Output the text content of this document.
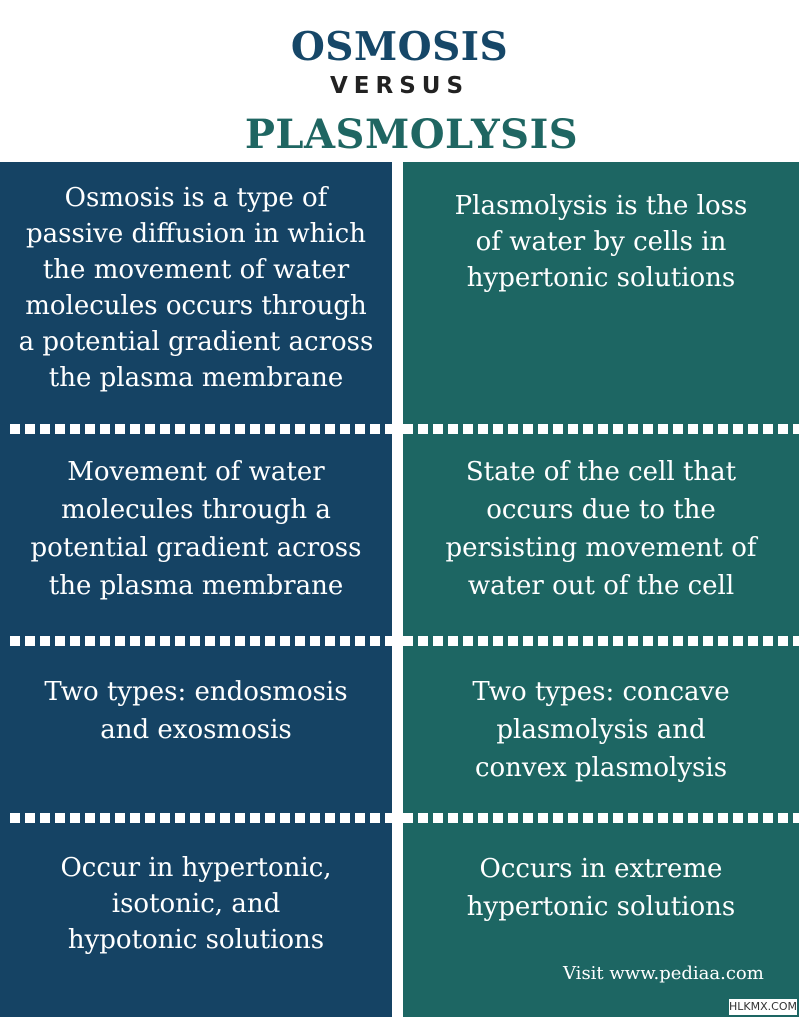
OSMOSIS
VERSUS
PLASMOLYSIS
Osmosis is a type of
passive diffusion in which
the movement of water
molecules occurs through
a potential gradient across
the plasma membrane
Plasmolysis is the loss
of water by cells in
hypertonic solutions
Movement of water
molecules through a
potential gradient across
the plasma membrane
State of the cell that
occurs due to the
persisting movement of
water out of the cell
Two types: endosmosis
and exosmosis
Two types: concave
plasmolysis and
convex plasmolysis
Occur in hypertonic,
isotonic, and
hypotonic solutions
Occurs in extreme
hypertonic solutions
Visit www.pediaa.com
HLKMX.COM
